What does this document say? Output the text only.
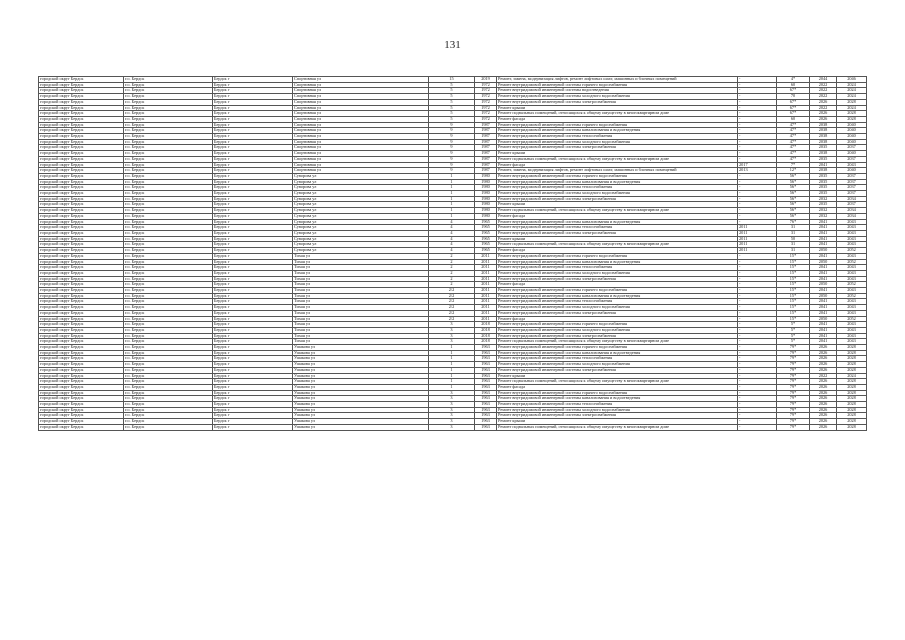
131
городской округ Бердск	г.о. Бердск	Бердск г	Спортивная ул	15	2019	Ремонт, замена, модернизация лифтов, ремонт лифтовых шахт, машинных и блочных помещений	-	4*	2044	2046
городской округ Бердск	г.о. Бердск	Бердск г	Спортивная ул	5	1972	Ремонт внутридомовой инженерной системы горячего водоснабжения	-	60	2022	2024
городской округ Бердск	г.о. Бердск	Бердск г	Спортивная ул	5	1972	Ремонт внутридомовой инженерной системы водоотведения	-	67*	2022	2024
городской округ Бердск	г.о. Бердск	Бердск г	Спортивная ул	5	1972	Ремонт внутридомовой инженерной системы холодного водоснабжения	-	70	2022	2024
городской округ Бердск	г.о. Бердск	Бердск г	Спортивная ул	5	1972	Ремонт внутридомовой инженерной системы электроснабжения	-	67*	2026	2028
городской округ Бердск	г.о. Бердск	Бердск г	Спортивная ул	5	1972	Ремонт крыши	-	67*	2022	2024
городской округ Бердск	г.о. Бердск	Бердск г	Спортивная ул	5	1972	Ремонт подвальных помещений, относящихся к общему имуществу в многоквартирном доме	-	67*	2026	2028
городской округ Бердск	г.о. Бердск	Бердск г	Спортивная ул	5	1972	Ремонт фасада	-	60	2026	2028
городской округ Бердск	г.о. Бердск	Бердск г	Спортивная ул	9	1987	Ремонт внутридомовой инженерной системы горячего водоснабжения	-	47*	2038	2040
городской округ Бердск	г.о. Бердск	Бердск г	Спортивная ул	9	1987	Ремонт внутридомовой инженерной системы канализования и водоотведения	-	47*	2038	2040
городской округ Бердск	г.о. Бердск	Бердск г	Спортивная ул	9	1987	Ремонт внутридомовой инженерной системы теплоснабжения	-	47*	2038	2040
городской округ Бердск	г.о. Бердск	Бердск г	Спортивная ул	9	1987	Ремонт внутридомовой инженерной системы холодного водоснабжения	-	47*	2038	2040
городской округ Бердск	г.о. Бердск	Бердск г	Спортивная ул	9	1987	Ремонт внутридомовой инженерной системы электроснабжения	-	47*	2035	2037
городской округ Бердск	г.о. Бердск	Бердск г	Спортивная ул	9	1987	Ремонт крыши	-	47*	2038	2040
городской округ Бердск	г.о. Бердск	Бердск г	Спортивная ул	9	1987	Ремонт подвальных помещений, относящихся к общему имуществу в многоквартирном доме	-	47*	2035	2037
городской округ Бердск	г.о. Бердск	Бердск г	Спортивная ул	9	1987	Ремонт фасада	2017	7*	2041	2043
городской округ Бердск	г.о. Бердск	Бердск г	Спортивная ул	9	1987	Ремонт, замена, модернизация лифтов, ремонт лифтовых шахт, машинных и блочных помещений	2013	12*	2038	2040
городской округ Бердск	г.о. Бердск	Бердск г	Суворова ул	1	1980	Ремонт внутридомовой инженерной системы горячего водоснабжения	-	56*	2035	2037
городской округ Бердск	г.о. Бердск	Бердск г	Суворова ул	1	1980	Ремонт внутридомовой инженерной системы канализования и водоотведения	-	56*	2035	2037
городской округ Бердск	г.о. Бердск	Бердск г	Суворова ул	1	1980	Ремонт внутридомовой инженерной системы теплоснабжения	-	56*	2035	2037
городской округ Бердск	г.о. Бердск	Бердск г	Суворова ул	1	1980	Ремонт внутридомовой инженерной системы холодного водоснабжения	-	56*	2035	2037
городской округ Бердск	г.о. Бердск	Бердск г	Суворова ул	1	1980	Ремонт внутридомовой инженерной системы электроснабжения	-	56*	2032	2034
городской округ Бердск	г.о. Бердск	Бердск г	Суворова ул	1	1980	Ремонт крыши	-	56*	2035	2037
городской округ Бердск	г.о. Бердск	Бердск г	Суворова ул	1	1980	Ремонт подвальных помещений, относящихся к общему имуществу в многоквартирном доме	-	56*	2032	2034
городской округ Бердск	г.о. Бердск	Бердск г	Суворова ул	1	1980	Ремонт фасада	-	56*	2032	2034
городской округ Бердск	г.о. Бердск	Бердск г	Суворова ул	4	1965	Ремонт внутридомовой инженерной системы канализования и водоотведения	-	76*	2041	2043
городской округ Бердск	г.о. Бердск	Бердск г	Суворова ул	4	1965	Ремонт внутридомовой инженерной системы теплоснабжения	2011	31	2041	2043
городской округ Бердск	г.о. Бердск	Бердск г	Суворова ул	4	1965	Ремонт внутридомовой инженерной системы электроснабжения	2011	31	2041	2043
городской округ Бердск	г.о. Бердск	Бердск г	Суворова ул	4	1965	Ремонт крыши	2011	50	2041	2043
городской округ Бердск	г.о. Бердск	Бердск г	Суворова ул	4	1965	Ремонт подвальных помещений, относящихся к общему имуществу в многоквартирном доме	2011	31	2041	2043
городской округ Бердск	г.о. Бердск	Бердск г	Суворова ул	4	1965	Ремонт фасада	2011	31	2050	2052
городской округ Бердск	г.о. Бердск	Бердск г	Тихая ул	2	2011	Ремонт внутридомовой инженерной системы горячего водоснабжения	-	15*	2041	2043
городской округ Бердск	г.о. Бердск	Бердск г	Тихая ул	2	2011	Ремонт внутридомовой инженерной системы канализования и водоотведения	-	15*	2050	2052
городской округ Бердск	г.о. Бердск	Бердск г	Тихая ул	2	2011	Ремонт внутридомовой инженерной системы теплоснабжения	-	15*	2041	2043
городской округ Бердск	г.о. Бердск	Бердск г	Тихая ул	2	2011	Ремонт внутридомовой инженерной системы холодного водоснабжения	-	15*	2041	2043
городской округ Бердск	г.о. Бердск	Бердск г	Тихая ул	2	2011	Ремонт внутридомовой инженерной системы электроснабжения	-	15*	2041	2043
городской округ Бердск	г.о. Бердск	Бердск г	Тихая ул	2	2011	Ремонт фасада	-	15*	2050	2052
городской округ Бердск	г.о. Бердск	Бердск г	Тихая ул	2/2	2011	Ремонт внутридомовой инженерной системы горячего водоснабжения	-	15*	2041	2043
городской округ Бердск	г.о. Бердск	Бердск г	Тихая ул	2/2	2011	Ремонт внутридомовой инженерной системы канализования и водоотведения	-	15*	2050	2052
городской округ Бердск	г.о. Бердск	Бердск г	Тихая ул	2/2	2011	Ремонт внутридомовой инженерной системы теплоснабжения	-	15*	2041	2043
городской округ Бердск	г.о. Бердск	Бердск г	Тихая ул	2/2	2011	Ремонт внутридомовой инженерной системы холодного водоснабжения	-	15*	2041	2043
городской округ Бердск	г.о. Бердск	Бердск г	Тихая ул	2/2	2011	Ремонт внутридомовой инженерной системы электроснабжения	-	15*	2041	2043
городской округ Бердск	г.о. Бердск	Бердск г	Тихая ул	2/2	2011	Ремонт фасада	-	15*	2050	2052
городской округ Бердск	г.о. Бердск	Бердск г	Тихая ул	3	2018	Ремонт внутридомовой инженерной системы горячего водоснабжения	-	5*	2041	2043
городской округ Бердск	г.о. Бердск	Бердск г	Тихая ул	3	2018	Ремонт внутридомовой инженерной системы холодного водоснабжения	-	5*	2041	2043
городской округ Бердск	г.о. Бердск	Бердск г	Тихая ул	3	2018	Ремонт внутридомовой инженерной системы электроснабжения	-	5*	2041	2043
городской округ Бердск	г.о. Бердск	Бердск г	Тихая ул	3	2018	Ремонт подвальных помещений, относящихся к общему имуществу в многоквартирном доме	-	5*	2041	2043
городской округ Бердск	г.о. Бердск	Бердск г	Ушакова ул	1	1963	Ремонт внутридомовой инженерной системы горячего водоснабжения	-	79*	2026	2028
городской округ Бердск	г.о. Бердск	Бердск г	Ушакова ул	1	1963	Ремонт внутридомовой инженерной системы канализования и водоотведения	-	79*	2026	2028
городской округ Бердск	г.о. Бердск	Бердск г	Ушакова ул	1	1963	Ремонт внутридомовой инженерной системы теплоснабжения	-	79*	2026	2028
городской округ Бердск	г.о. Бердск	Бердск г	Ушакова ул	1	1963	Ремонт внутридомовой инженерной системы холодного водоснабжения	-	79*	2026	2028
городской округ Бердск	г.о. Бердск	Бердск г	Ушакова ул	1	1963	Ремонт внутридомовой инженерной системы электроснабжения	-	79*	2026	2028
городской округ Бердск	г.о. Бердск	Бердск г	Ушакова ул	1	1963	Ремонт крыши	-	79*	2022	2024
городской округ Бердск	г.о. Бердск	Бердск г	Ушакова ул	1	1963	Ремонт подвальных помещений, относящихся к общему имуществу в многоквартирном доме	-	79*	2026	2028
городской округ Бердск	г.о. Бердск	Бердск г	Ушакова ул	1	1963	Ремонт фасада	-	79*	2026	2028
городской округ Бердск	г.о. Бердск	Бердск г	Ушакова ул	3	1963	Ремонт внутридомовой инженерной системы горячего водоснабжения	-	79*	2026	2028
городской округ Бердск	г.о. Бердск	Бердск г	Ушакова ул	3	1963	Ремонт внутридомовой инженерной системы канализования и водоотведения	-	79*	2026	2028
городской округ Бердск	г.о. Бердск	Бердск г	Ушакова ул	3	1963	Ремонт внутридомовой инженерной системы теплоснабжения	-	79*	2026	2028
городской округ Бердск	г.о. Бердск	Бердск г	Ушакова ул	3	1963	Ремонт внутридомовой инженерной системы холодного водоснабжения	-	79*	2026	2028
городской округ Бердск	г.о. Бердск	Бердск г	Ушакова ул	3	1963	Ремонт внутридомовой инженерной системы электроснабжения	-	79*	2026	2028
городской округ Бердск	г.о. Бердск	Бердск г	Ушакова ул	3	1963	Ремонт крыши	-	79*	2026	2028
городской округ Бердск	г.о. Бердск	Бердск г	Ушакова ул	3	1963	Ремонт подвальных помещений, относящихся к общему имуществу в многоквартирном доме	-	79*	2026	2028
